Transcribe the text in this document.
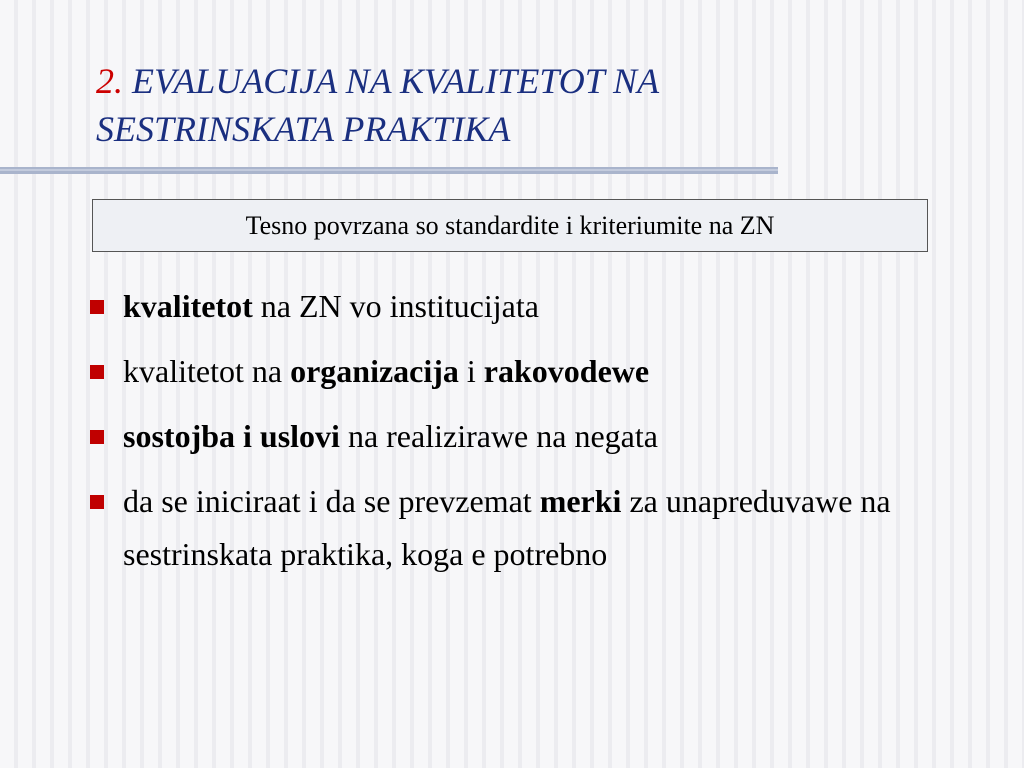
2. EVALUACIJA NA KVALITETOT NA
SESTRINSKATA PRAKTIKA
Tesno povrzana so standardite i kriteriumite na ZN
kvalitetot na ZN vo institucijata
kvalitetot na organizacija i rakovodewe
sostojba i uslovi na realizirawe na negata
da se iniciraat i da se prevzemat merki za unapreduvawe na sestrinskata praktika, koga e potrebno
